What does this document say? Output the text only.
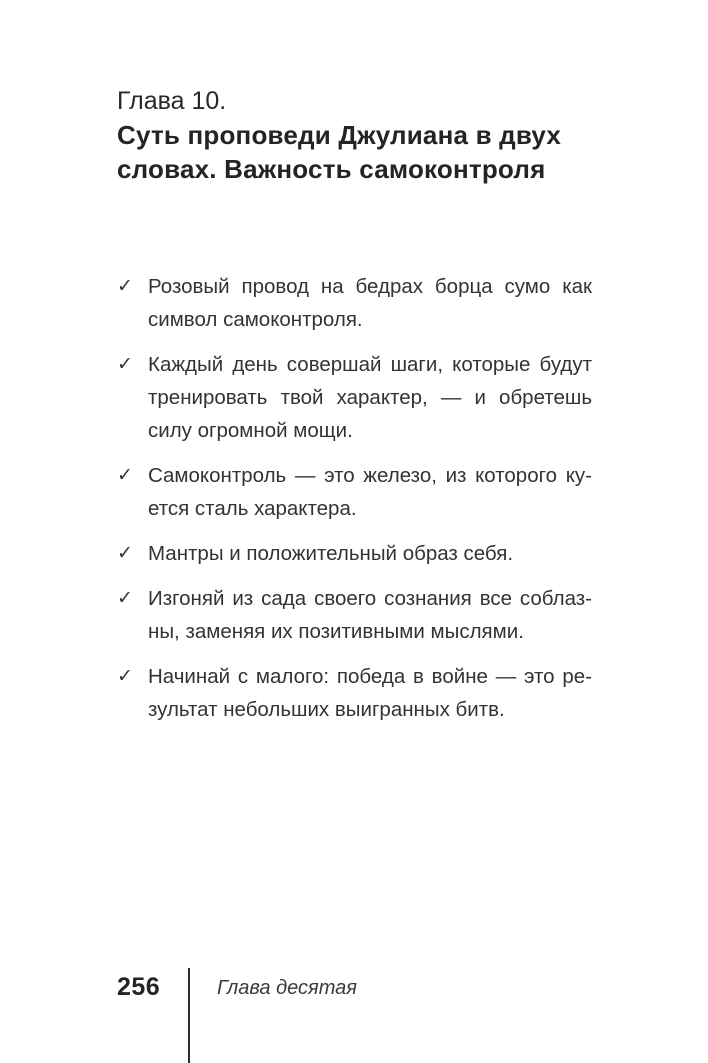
Глава 10.
Суть проповеди Джулиана в двух словах. Важность самоконтроля
✓ Розовый провод на бедрах борца сумо как символ самоконтроля.
✓ Каждый день совершай шаги, которые будут тренировать твой характер, — и обретешь силу огромной мощи.
✓ Самоконтроль — это железо, из которого куется сталь характера.
✓ Мантры и положительный образ себя.
✓ Изгоняй из сада своего сознания все соблазны, заменяя их позитивными мыслями.
✓ Начинай с малого: победа в войне — это результат небольших выигранных битв.
256	Глава десятая
